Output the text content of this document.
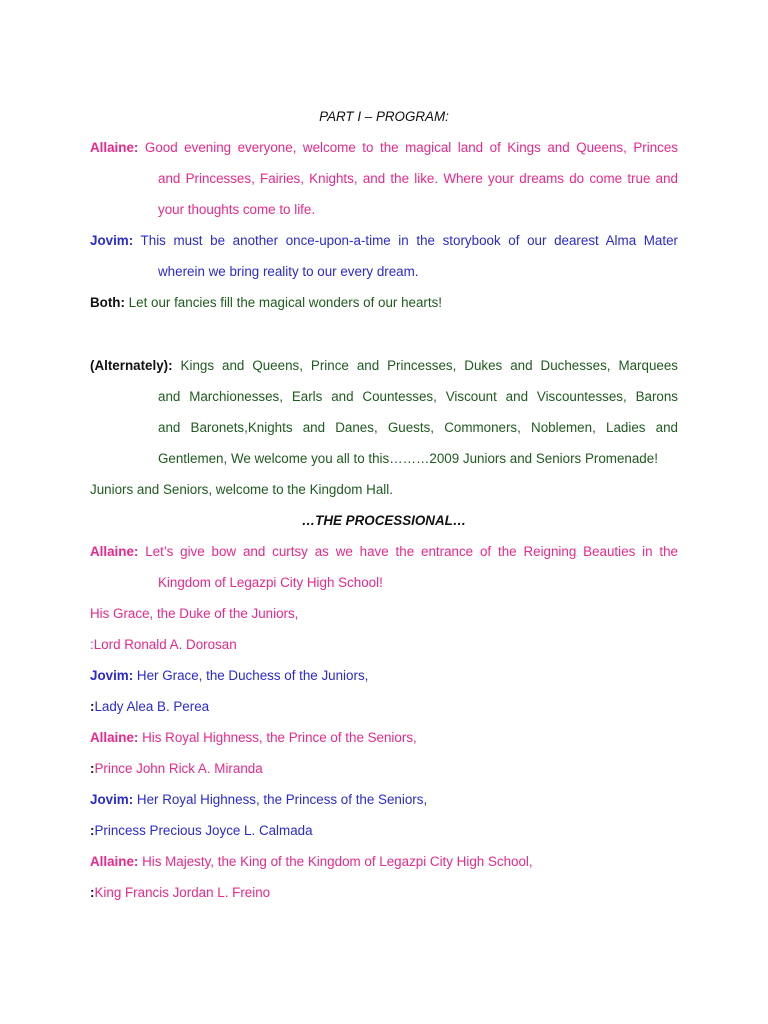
PART I – PROGRAM:
Allaine: Good evening everyone, welcome to the magical land of Kings and Queens, Princes
and Princesses, Fairies, Knights, and the like. Where your dreams do come true and
your thoughts come to life.
Jovim: This must be another once-upon-a-time in the storybook of our dearest Alma Mater
wherein we bring reality to our every dream.
Both: Let our fancies fill the magical wonders of our hearts!
(Alternately): Kings and Queens, Prince and Princesses, Dukes and Duchesses, Marquees
and Marchionesses, Earls and Countesses, Viscount and Viscountesses, Barons
and Baronets,Knights and Danes, Guests, Commoners, Noblemen, Ladies and
Gentlemen, We welcome you all to this………2009 Juniors and Seniors Promenade!
Juniors and Seniors, welcome to the Kingdom Hall.
…THE PROCESSIONAL…
Allaine: Let’s give bow and curtsy as we have the entrance of the Reigning Beauties in the
Kingdom of Legazpi City High School!
His Grace, the Duke of the Juniors,
:Lord Ronald A. Dorosan
Jovim: Her Grace, the Duchess of the Juniors,
:Lady Alea B. Perea
Allaine: His Royal Highness, the Prince of the Seniors,
:Prince John Rick A. Miranda
Jovim: Her Royal Highness, the Princess of the Seniors,
:Princess Precious Joyce L. Calmada
Allaine: His Majesty, the King of the Kingdom of Legazpi City High School,
:King Francis Jordan L. Freino
